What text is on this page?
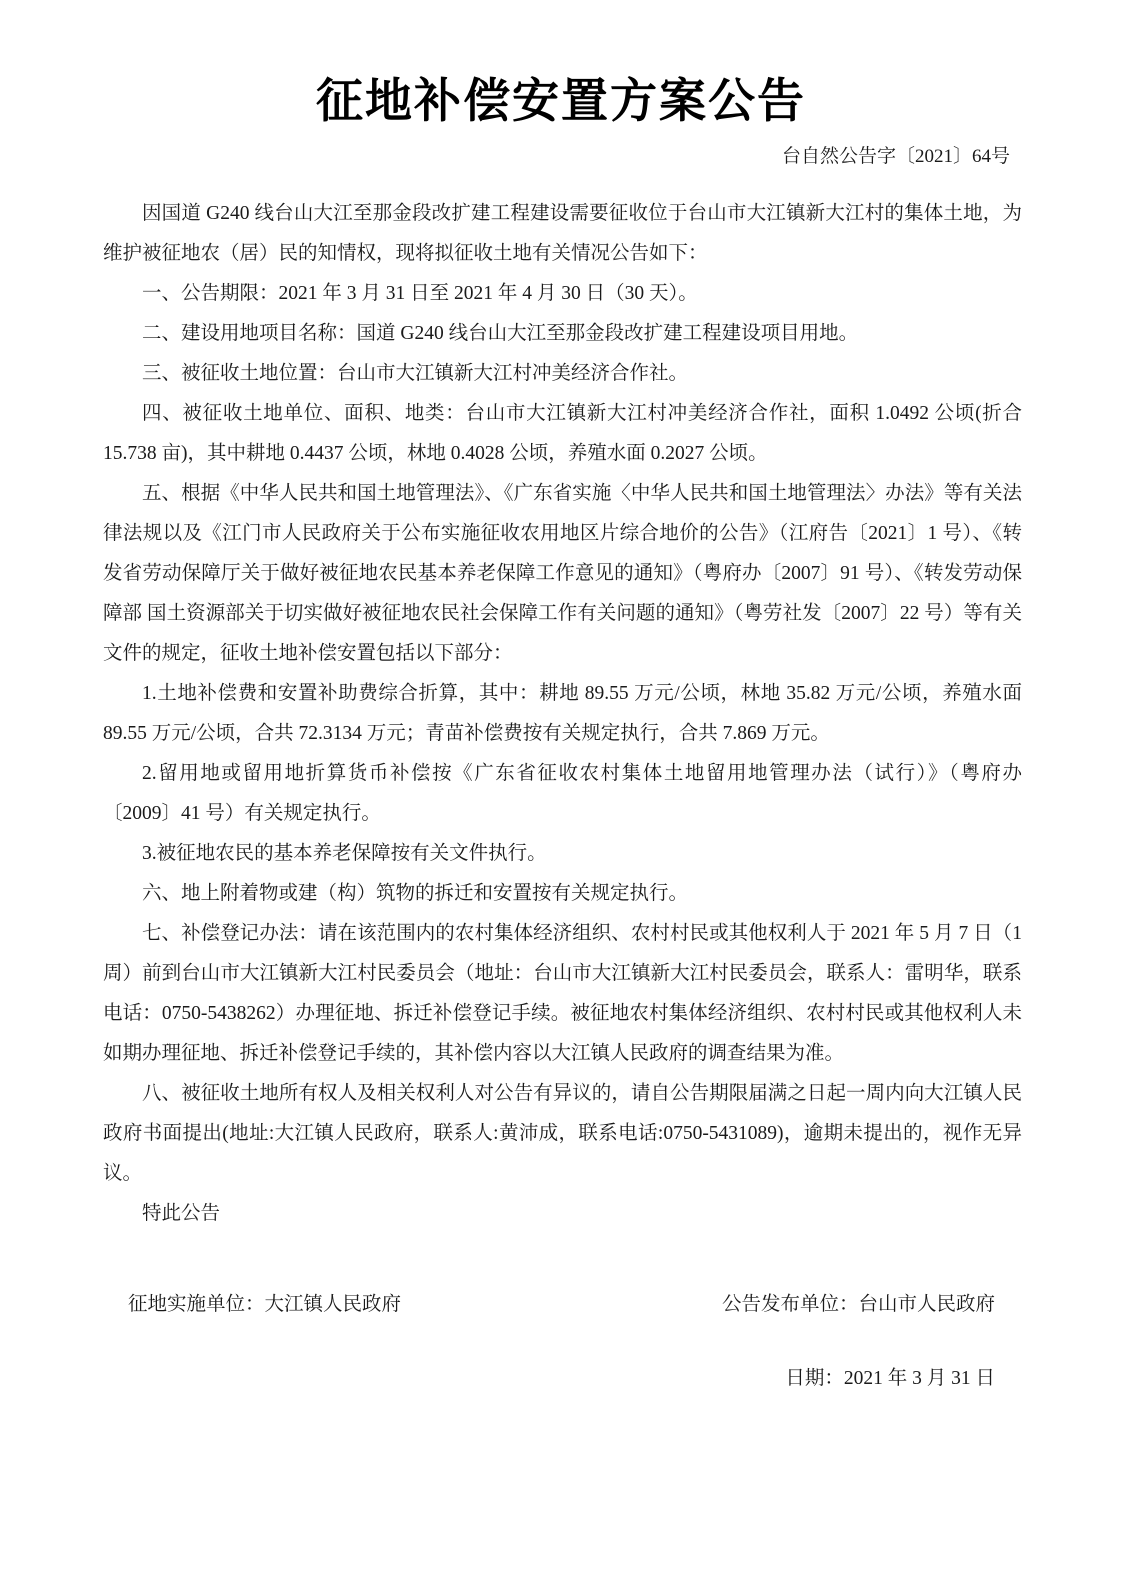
征地补偿安置方案公告
台自然公告字〔2021〕64号

因国道 G240 线台山大江至那金段改扩建工程建设需要征收位于台山市大江镇新大江村的集体土地，为维护被征地农（居）民的知情权，现将拟征收土地有关情况公告如下：

一、公告期限：2021 年 3 月 31 日至 2021 年 4 月 30 日（30 天）。

二、建设用地项目名称：国道 G240 线台山大江至那金段改扩建工程建设项目用地。

三、被征收土地位置：台山市大江镇新大江村冲美经济合作社。

四、被征收土地单位、面积、地类：台山市大江镇新大江村冲美经济合作社，面积 1.0492 公顷(折合 15.738 亩)，其中耕地 0.4437 公顷，林地 0.4028 公顷，养殖水面 0.2027 公顷。

五、根据《中华人民共和国土地管理法》、《广东省实施〈中华人民共和国土地管理法〉办法》等有关法律法规以及《江门市人民政府关于公布实施征收农用地区片综合地价的公告》（江府告〔2021〕1 号）、《转发省劳动保障厅关于做好被征地农民基本养老保障工作意见的通知》（粤府办〔2007〕91 号）、《转发劳动保障部 国土资源部关于切实做好被征地农民社会保障工作有关问题的通知》（粤劳社发〔2007〕22 号）等有关文件的规定，征收土地补偿安置包括以下部分：

1.土地补偿费和安置补助费综合折算，其中：耕地 89.55 万元/公顷，林地 35.82 万元/公顷，养殖水面 89.55 万元/公顷，合共 72.3134 万元；青苗补偿费按有关规定执行，合共 7.869 万元。

2.留用地或留用地折算货币补偿按《广东省征收农村集体土地留用地管理办法（试行）》（粤府办〔2009〕41 号）有关规定执行。

3.被征地农民的基本养老保障按有关文件执行。

六、地上附着物或建（构）筑物的拆迁和安置按有关规定执行。

七、补偿登记办法：请在该范围内的农村集体经济组织、农村村民或其他权利人于 2021 年 5 月 7 日（1 周）前到台山市大江镇新大江村民委员会（地址：台山市大江镇新大江村民委员会，联系人：雷明华，联系电话：0750-5438262）办理征地、拆迁补偿登记手续。被征地农村集体经济组织、农村村民或其他权利人未如期办理征地、拆迁补偿登记手续的，其补偿内容以大江镇人民政府的调查结果为准。

八、被征收土地所有权人及相关权利人对公告有异议的，请自公告期限届满之日起一周内向大江镇人民政府书面提出(地址:大江镇人民政府，联系人:黄沛成，联系电话:0750-5431089)，逾期未提出的，视作无异议。

特此公告

征地实施单位：大江镇人民政府	公告发布单位：台山市人民政府
日期：2021 年 3 月 31 日
